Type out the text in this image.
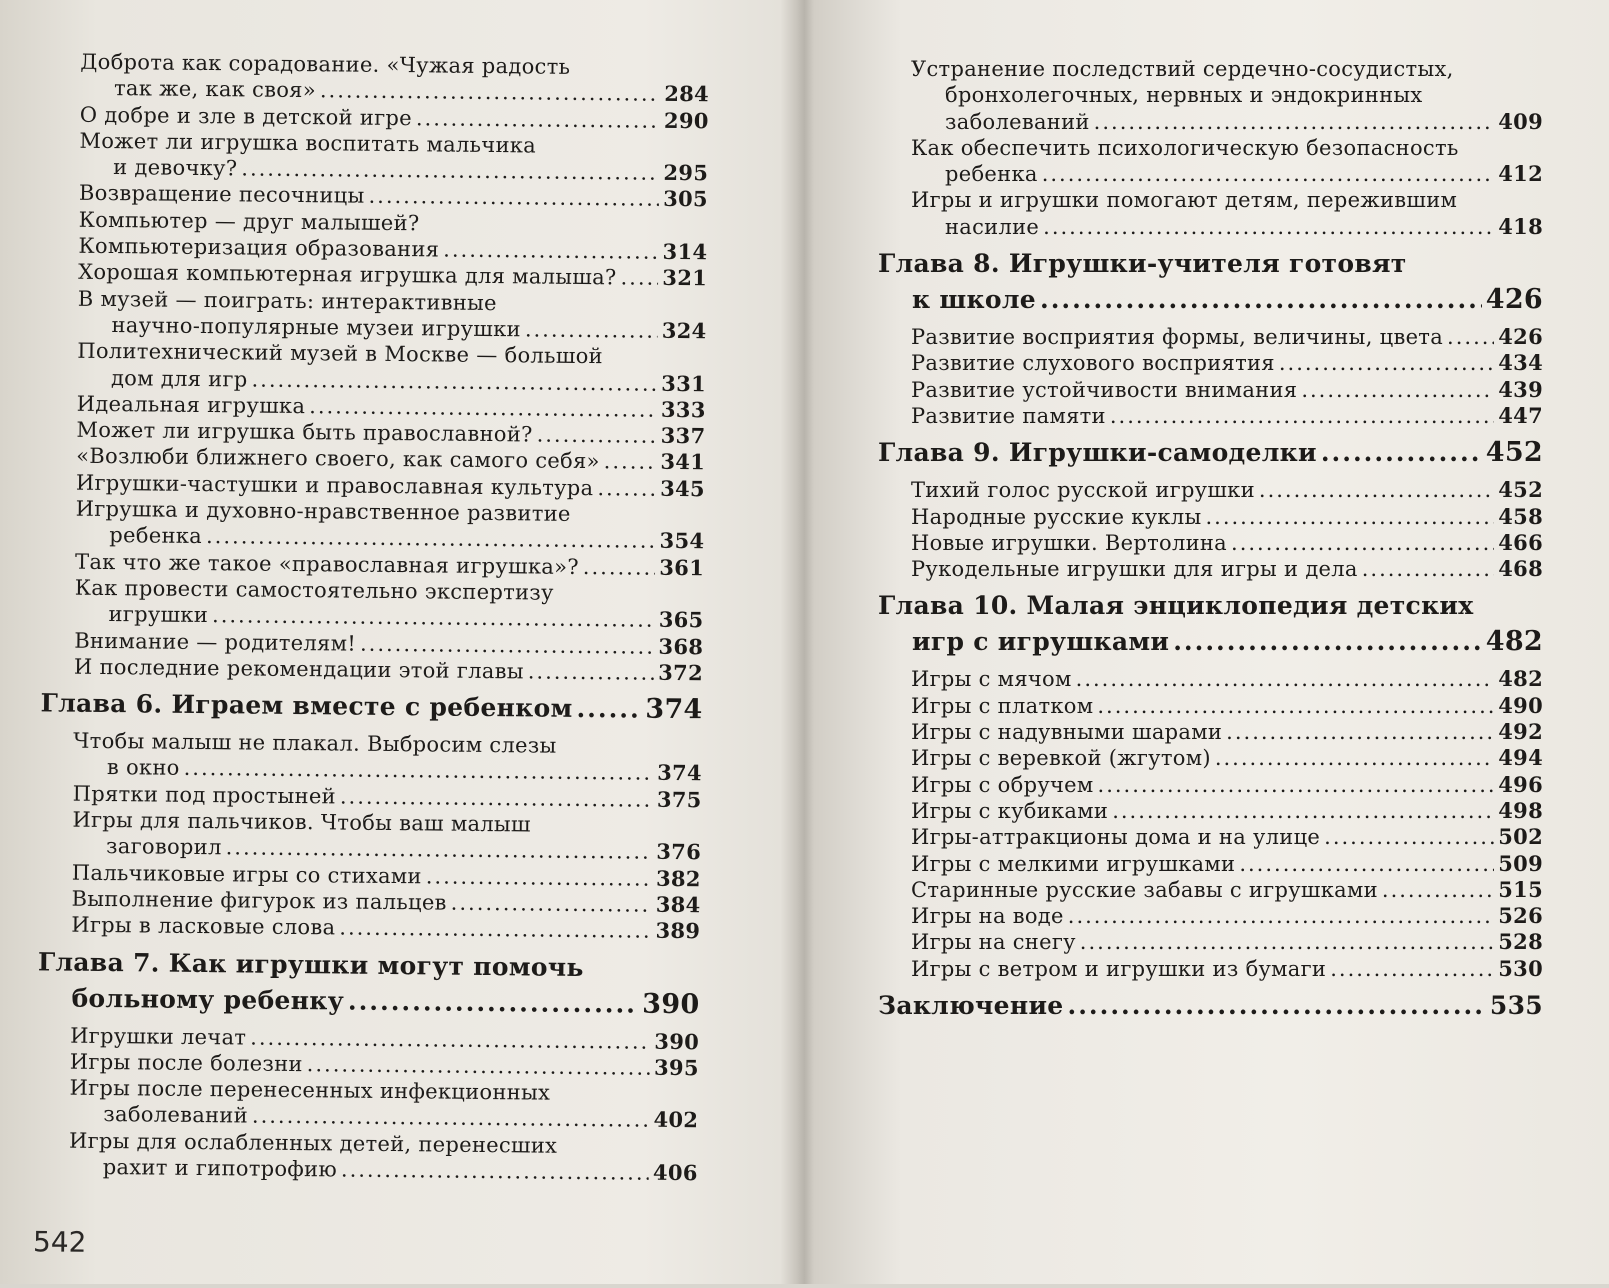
Доброта как сорадование. «Чужая радость
так же, как своя» .....	284
О добре и зле в детской игре .....	290
Может ли игрушка воспитать мальчика
и девочку? .....	295
Возвращение песочницы .....	305
Компьютер — друг малышей?
Компьютеризация образования .....	314
Хорошая компьютерная игрушка для малыша? ..... 321
В музей — поиграть: интерактивные
научно-популярные музеи игрушки .....	324
Политехнический музей в Москве — большой
дом для игр .....	331
Идеальная игрушка .....	333
Может ли игрушка быть православной? .....	337
«Возлюби ближнего своего, как самого себя» .....	341
Игрушки-частушки и православная культура .....	345
Игрушка и духовно-нравственное развитие
ребенка .....	354
Так что же такое «православная игрушка»? .....	361
Как провести самостоятельно экспертизу
игрушки .....	365
Внимание — родителям! .....	368
И последние рекомендации этой главы .....	372
Глава 6. Играем вместе с ребенком .....	374
Чтобы малыш не плакал. Выбросим слезы
в окно .....	374
Прятки под простыней .....	375
Игры для пальчиков. Чтобы ваш малыш
заговорил .....	376
Пальчиковые игры со стихами .....	382
Выполнение фигурок из пальцев .....	384
Игры в ласковые слова .....	389
Глава 7. Как игрушки могут помочь
больному ребенку .....	390
Игрушки лечат .....	390
Игры после болезни .....	395
Игры после перенесенных инфекционных
заболеваний .....	402
Игры для ослабленных детей, перенесших
рахит и гипотрофию .....	406
542
Устранение последствий сердечно-сосудистых,
бронхолегочных, нервных и эндокринных
заболеваний .....	409
Как обеспечить психологическую безопасность
ребенка .....	412
Игры и игрушки помогают детям, пережившим
насилие .....	418
Глава 8. Игрушки-учителя готовят
к школе .....	426
Развитие восприятия формы, величины, цвета .....	426
Развитие слухового восприятия .....	434
Развитие устойчивости внимания .....	439
Развитие памяти .....	447
Глава 9. Игрушки-самоделки .....	452
Тихий голос русской игрушки .....	452
Народные русские куклы .....	458
Новые игрушки. Вертолина .....	466
Рукодельные игрушки для игры и дела .....	468
Глава 10. Малая энциклопедия детских
игр с игрушками .....	482
Игры с мячом .....	482
Игры с платком .....	490
Игры с надувными шарами .....	492
Игры с веревкой (жгутом) .....	494
Игры с обручем .....	496
Игры с кубиками .....	498
Игры-аттракционы дома и на улице .....	502
Игры с мелкими игрушками .....	509
Старинные русские забавы с игрушками .....	515
Игры на воде .....	526
Игры на снегу .....	528
Игры с ветром и игрушки из бумаги .....	530
Заключение .....	535
